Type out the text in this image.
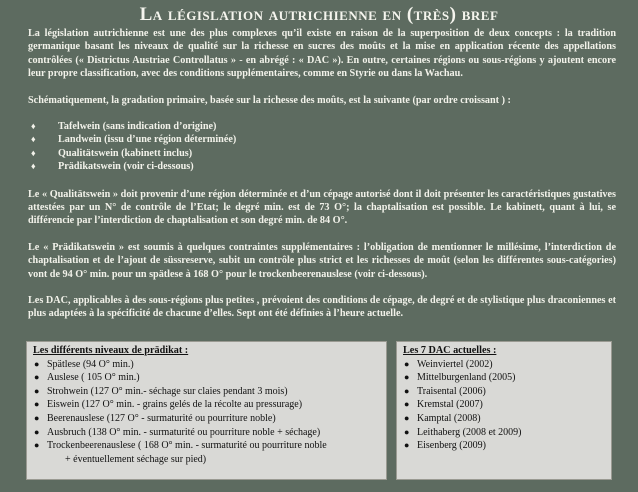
La législation autrichienne en (très) bref

La législation autrichienne est une des plus complexes qu’il existe en raison de la superposition de deux concepts : la tradition germanique basant les niveaux de qualité sur la richesse en sucres des moûts et la mise en application récente des appellations contrôlées (« Districtus Austriae Controllatus » - en abrégé : « DAC »). En outre, certaines régions ou sous-régions y ajoutent encore leur propre classification, avec des conditions supplémentaires, comme en Styrie ou dans la Wachau.

Schématiquement, la gradation primaire, basée sur la richesse des moûts, est la suivante (par ordre croissant ) :

♦ Tafelwein (sans indication d’origine)
♦ Landwein (issu d’une région déterminée)
♦ Qualitätswein (kabinett inclus)
♦ Prädikatswein (voir ci-dessous)

Le « Qualitätswein » doit provenir d’une région déterminée et d’un cépage autorisé dont il doit présenter les caractéristiques gustatives attestées par un N° de contrôle de l’Etat; le degré min. est de 73 O°; la chaptalisation est possible. Le kabinett, quant à lui, se différencie par l’interdiction de chaptalisation et son degré min. de 84 O°.

Le « Prädikatswein » est soumis à quelques contraintes supplémentaires : l’obligation de mentionner le millésime, l’interdiction de chaptalisation et de l’ajout de süssreserve, subit un contrôle plus strict et les richesses de moût (selon les différentes sous-catégories) vont de 94 O° min. pour un spätlese à 168 O° pour le trockenbeerenauslese (voir ci-dessous).

Les DAC, applicables à des sous-régions plus petites , prévoient des conditions de cépage, de degré et de stylistique plus draconiennes et plus adaptées à la spécificité de chacune d’elles. Sept ont été définies à l’heure actuelle.

Les différents niveaux de prädikat :
● Spätlese (94 O° min.)
● Auslese ( 105 O° min.)
● Strohwein (127 O° min.- séchage sur claies pendant 3 mois)
● Eiswein (127 O° min. - grains gelés de la récolte au pressurage)
● Beerenauslese (127 O° - surmaturité ou pourriture noble)
● Ausbruch (138 O° min. - surmaturité ou pourriture noble + séchage)
● Trockenbeerenauslese ( 168 O° min. - surmaturité ou pourriture noble
+ éventuellement séchage sur pied)
Les 7 DAC actuelles :
● Weinviertel (2002)
● Mittelburgenland (2005)
● Traisental (2006)
● Kremstal (2007)
● Kamptal (2008)
● Leithaberg (2008 et 2009)
● Eisenberg (2009)
